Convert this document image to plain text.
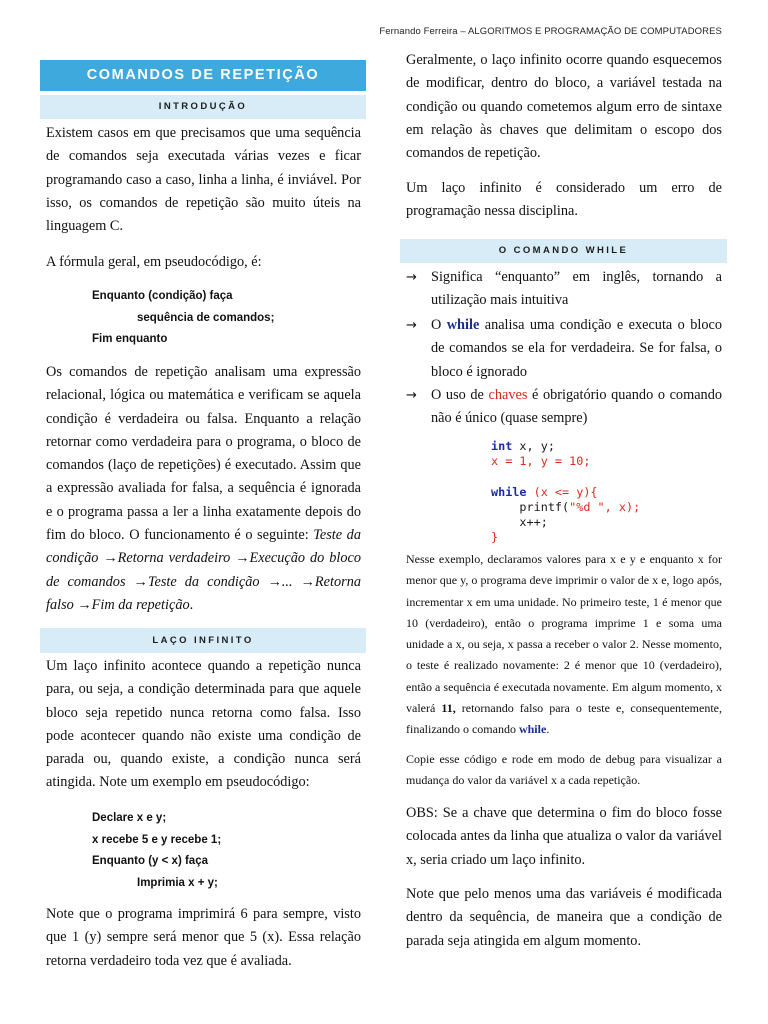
Fernando Ferreira – ALGORITMOS E PROGRAMAÇÃO DE COMPUTADORES
COMANDOS DE REPETIÇÃO
INTRODUÇÃO

Existem casos em que precisamos que uma sequência de comandos seja executada várias vezes e ficar programando caso a caso, linha a linha, é inviável. Por isso, os comandos de repetição são muito úteis na linguagem C.

A fórmula geral, em pseudocódigo, é:

Enquanto (condição) faça
sequência de comandos;
Fim enquanto

Os comandos de repetição analisam uma expressão relacional, lógica ou matemática e verificam se aquela condição é verdadeira ou falsa. Enquanto a relação retornar como verdadeira para o programa, o bloco de comandos (laço de repetições) é executado. Assim que a expressão avaliada for falsa, a sequência é ignorada e o programa passa a ler a linha exatamente depois do fim do bloco. O funcionamento é o seguinte: Teste da condição →Retorna verdadeiro →Execução do bloco de comandos →Teste da condição →... →Retorna falso →Fim da repetição.

LAÇO INFINITO

Um laço infinito acontece quando a repetição nunca para, ou seja, a condição determinada para que aquele bloco seja repetido nunca retorna como falsa. Isso pode acontecer quando não existe uma condição de parada ou, quando existe, a condição nunca será atingida. Note um exemplo em pseudocódigo:

Declare x e y;
x recebe 5 e y recebe 1;
Enquanto (y < x) faça
Imprimia x + y;

Note que o programa imprimirá 6 para sempre, visto que 1 (y) sempre será menor que 5 (x). Essa relação retorna verdadeiro toda vez que é avaliada.

Geralmente, o laço infinito ocorre quando esquecemos de modificar, dentro do bloco, a variável testada na condição ou quando cometemos algum erro de sintaxe em relação às chaves que delimitam o escopo dos comandos de repetição.

Um laço infinito é considerado um erro de programação nessa disciplina.

O COMANDO WHILE
→ Significa “enquanto” em inglês, tornando a utilização mais intuitiva
→ O while analisa uma condição e executa o bloco de comandos se ela for verdadeira. Se for falsa, o bloco é ignorado
→ O uso de chaves é obrigatório quando o comando não é único (quase sempre)
int x, y;
x = 1, y = 10;

while (x <= y){
printf("%d ", x);
x++;
}

Nesse exemplo, declaramos valores para x e y e enquanto x for menor que y, o programa deve imprimir o valor de x e, logo após, incrementar x em uma unidade. No primeiro teste, 1 é menor que 10 (verdadeiro), então o programa imprime 1 e soma uma unidade a x, ou seja, x passa a receber o valor 2. Nesse momento, o teste é realizado novamente: 2 é menor que 10 (verdadeiro), então a sequência é executada novamente. Em algum momento, x valerá 11, retornando falso para o teste e, consequentemente, finalizando o comando while.

Copie esse código e rode em modo de debug para visualizar a mudança do valor da variável x a cada repetição.

OBS: Se a chave que determina o fim do bloco fosse colocada antes da linha que atualiza o valor da variável x, seria criado um laço infinito.

Note que pelo menos uma das variáveis é modificada dentro da sequência, de maneira que a condição de parada seja atingida em algum momento.
